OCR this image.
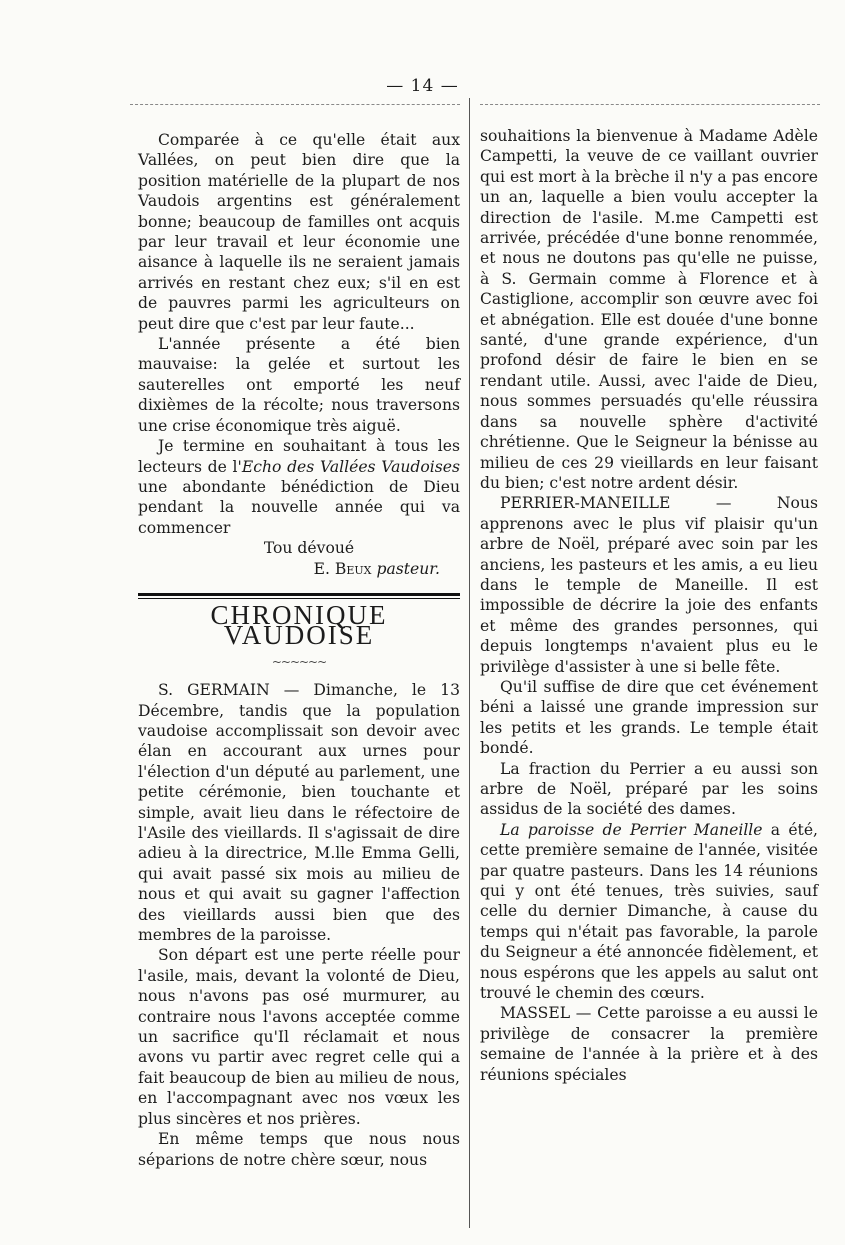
— 14 —

Comparée à ce qu'elle était aux Vallées, on peut bien dire que la position matérielle de la plupart de nos Vaudois argentins est généralement bonne; beaucoup de familles ont acquis par leur travail et leur économie une aisance à laquelle ils ne seraient jamais arrivés en restant chez eux; s'il en est de pauvres parmi les agriculteurs on peut dire que c'est par leur faute...

L'année présente a été bien mauvaise: la gelée et surtout les sauterelles ont emporté les neuf dixièmes de la récolte; nous traversons une crise économique très aiguë.

Je termine en souhaitant à tous les lecteurs de l'Echo des Vallées Vaudoises une abondante bénédiction de Dieu pendant la nouvelle année qui va commencer

Tou dévoué

E. Beux pasteur.

CHRONIQUE VAUDOISE
~~~~~~

S. GERMAIN — Dimanche, le 13 Décembre, tandis que la population vaudoise accomplissait son devoir avec élan en accourant aux urnes pour l'élection d'un député au parlement, une petite cérémonie, bien touchante et simple, avait lieu dans le réfectoire de l'Asile des vieillards. Il s'agissait de dire adieu à la directrice, M.lle Emma Gelli, qui avait passé six mois au milieu de nous et qui avait su gagner l'affection des vieillards aussi bien que des membres de la paroisse.

Son départ est une perte réelle pour l'asile, mais, devant la volonté de Dieu, nous n'avons pas osé murmurer, au contraire nous l'avons acceptée comme un sacrifice qu'Il réclamait et nous avons vu partir avec regret celle qui a fait beaucoup de bien au milieu de nous, en l'accompagnant avec nos vœux les plus sincères et nos prières.

En même temps que nous nous séparions de notre chère sœur, nous

souhaitions la bienvenue à Madame Adèle Campetti, la veuve de ce vaillant ouvrier qui est mort à la brèche il n'y a pas encore un an, laquelle a bien voulu accepter la direction de l'asile. M.me Campetti est arrivée, précédée d'une bonne renommée, et nous ne doutons pas qu'elle ne puisse, à S. Germain comme à Florence et à Castiglione, accomplir son œuvre avec foi et abnégation. Elle est douée d'une bonne santé, d'une grande expérience, d'un profond désir de faire le bien en se rendant utile. Aussi, avec l'aide de Dieu, nous sommes persuadés qu'elle réussira dans sa nouvelle sphère d'activité chrétienne. Que le Seigneur la bénisse au milieu de ces 29 vieillards en leur faisant du bien; c'est notre ardent désir.

PERRIER-MANEILLE — Nous apprenons avec le plus vif plaisir qu'un arbre de Noël, préparé avec soin par les anciens, les pasteurs et les amis, a eu lieu dans le temple de Maneille. Il est impossible de décrire la joie des enfants et même des grandes personnes, qui depuis longtemps n'avaient plus eu le privilège d'assister à une si belle fête.

Qu'il suffise de dire que cet événement béni a laissé une grande impression sur les petits et les grands. Le temple était bondé.

La fraction du Perrier a eu aussi son arbre de Noël, préparé par les soins assidus de la société des dames.

La paroisse de Perrier Maneille a été, cette première semaine de l'année, visitée par quatre pasteurs. Dans les 14 réunions qui y ont été tenues, très suivies, sauf celle du dernier Dimanche, à cause du temps qui n'était pas favorable, la parole du Seigneur a été annoncée fidèlement, et nous espérons que les appels au salut ont trouvé le chemin des cœurs.

MASSEL — Cette paroisse a eu aussi le privilège de consacrer la première semaine de l'année à la prière et à des réunions spéciales
